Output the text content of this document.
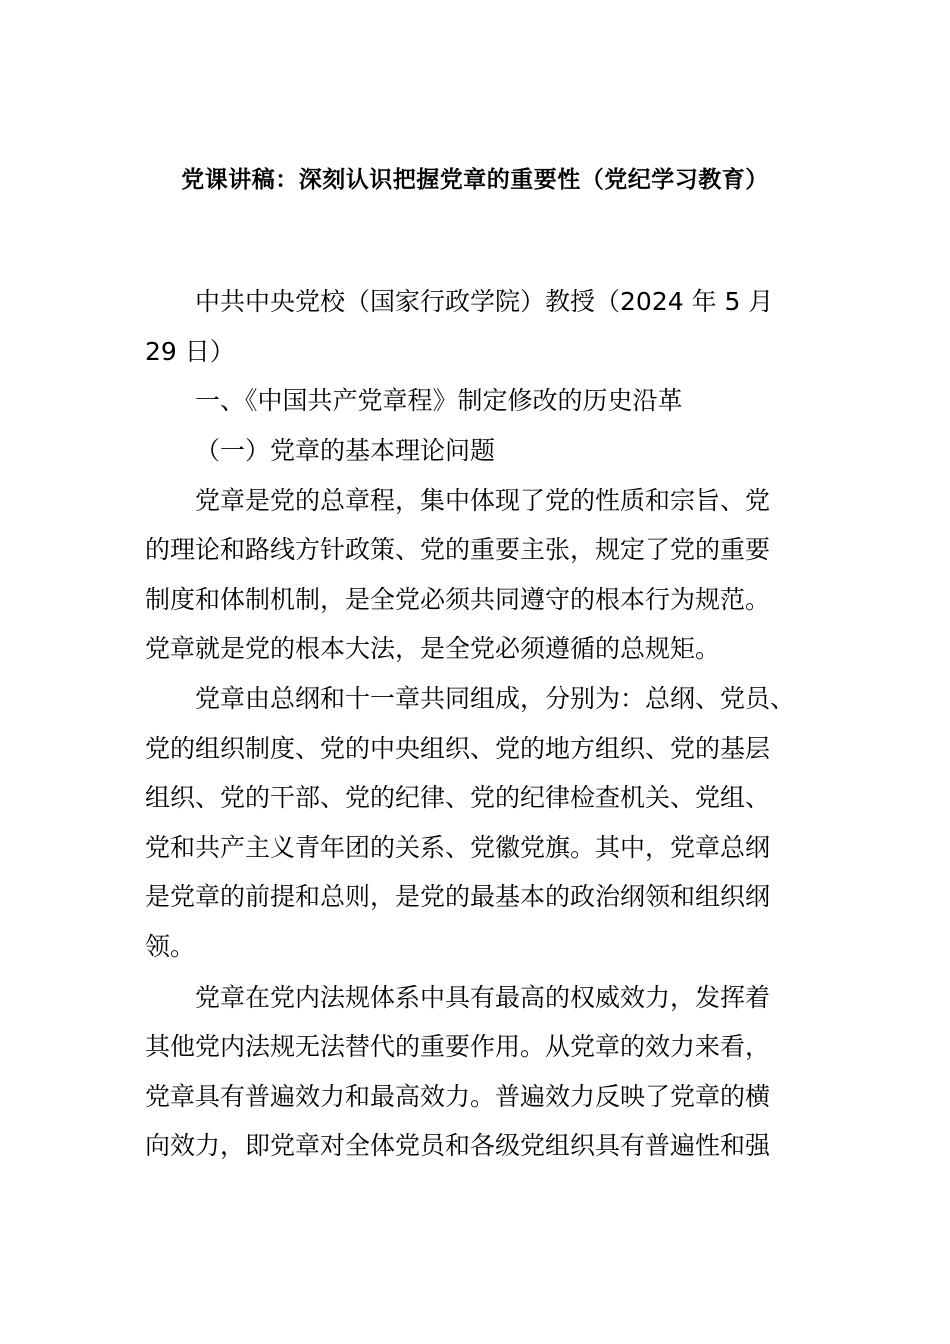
党课讲稿：深刻认识把握党章的重要性（党纪学习教育）
中共中央党校（国家行政学院）教授（2024 年 5 月
29 日）
一、《中国共产党章程》制定修改的历史沿革
（一）党章的基本理论问题
党章是党的总章程，集中体现了党的性质和宗旨、党
的理论和路线方针政策、党的重要主张，规定了党的重要
制度和体制机制，是全党必须共同遵守的根本行为规范。
党章就是党的根本大法，是全党必须遵循的总规矩。
党章由总纲和十一章共同组成，分别为：总纲、党员、
党的组织制度、党的中央组织、党的地方组织、党的基层
组织、党的干部、党的纪律、党的纪律检查机关、党组、
党和共产主义青年团的关系、党徽党旗。其中，党章总纲
是党章的前提和总则，是党的最基本的政治纲领和组织纲
领。
党章在党内法规体系中具有最高的权威效力，发挥着
其他党内法规无法替代的重要作用。从党章的效力来看，
党章具有普遍效力和最高效力。普遍效力反映了党章的横
向效力，即党章对全体党员和各级党组织具有普遍性和强
